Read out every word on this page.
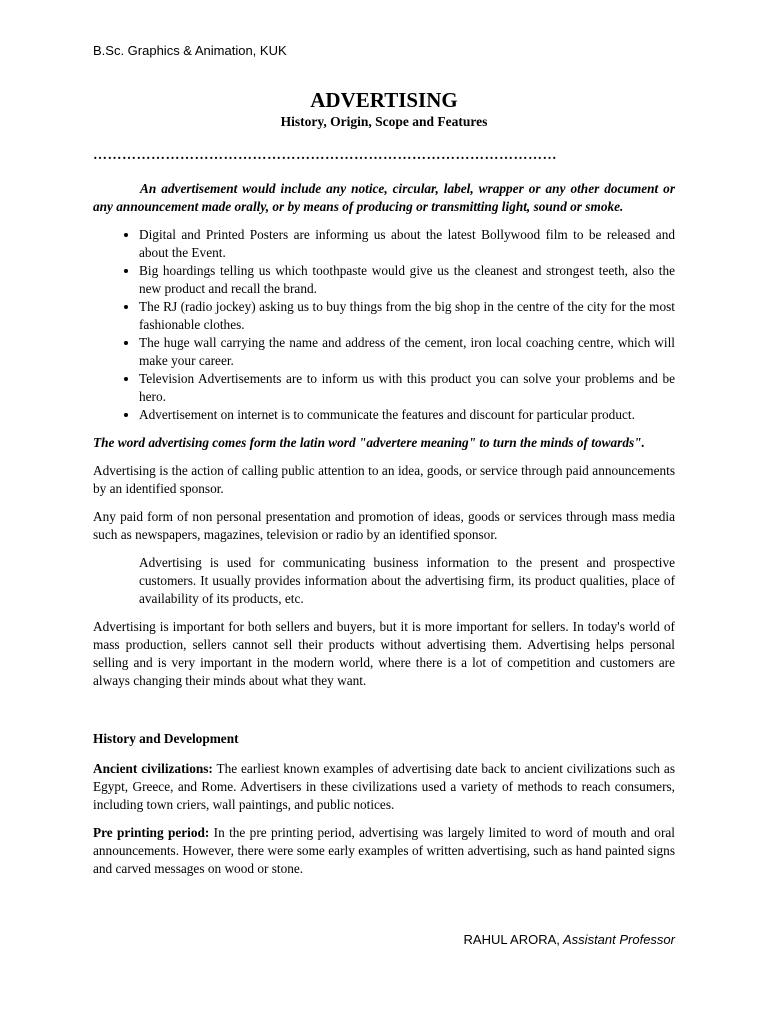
B.Sc. Graphics & Animation, KUK
ADVERTISING
History, Origin, Scope and Features
……………………………………………………………………………………

An advertisement would include any notice, circular, label, wrapper or any other document or any announcement made orally, or by means of producing or transmitting light, sound or smoke.

• Digital and Printed Posters are informing us about the latest Bollywood film to be released and about the Event.
• Big hoardings telling us which toothpaste would give us the cleanest and strongest teeth, also the new product and recall the brand.
• The RJ (radio jockey) asking us to buy things from the big shop in the centre of the city for the most fashionable clothes.
• The huge wall carrying the name and address of the cement, iron local coaching centre, which will make your career.
• Television Advertisements are to inform us with this product you can solve your problems and be hero.
• Advertisement on internet is to communicate the features and discount for particular product.

The word advertising comes form the latin word "advertere meaning" to turn the minds of towards".

Advertising is the action of calling public attention to an idea, goods, or service through paid announcements by an identified sponsor.

Any paid form of non personal presentation and promotion of ideas, goods or services through mass media such as newspapers, magazines, television or radio by an identified sponsor.

Advertising is used for communicating business information to the present and prospective customers. It usually provides information about the advertising firm, its product qualities, place of availability of its products, etc.

Advertising is important for both sellers and buyers, but it is more important for sellers. In today's world of mass production, sellers cannot sell their products without advertising them. Advertising helps personal selling and is very important in the modern world, where there is a lot of competition and customers are always changing their minds about what they want.

History and Development

Ancient civilizations: The earliest known examples of advertising date back to ancient civilizations such as Egypt, Greece, and Rome. Advertisers in these civilizations used a variety of methods to reach consumers, including town criers, wall paintings, and public notices.

Pre printing period: In the pre printing period, advertising was largely limited to word of mouth and oral announcements. However, there were some early examples of written advertising, such as hand painted signs and carved messages on wood or stone.

RAHUL ARORA, Assistant Professor
